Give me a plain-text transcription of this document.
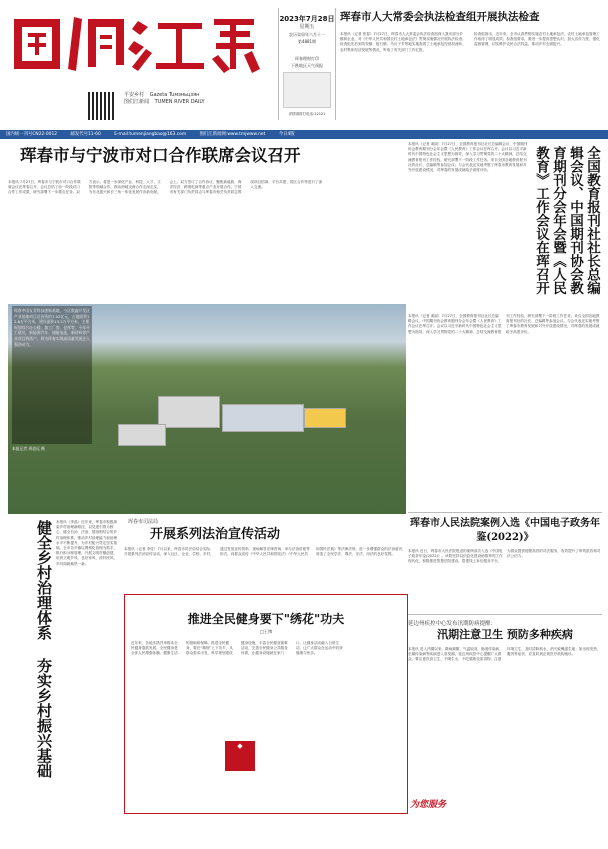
平安乡村 Gazeta Tuмэньцзян
图们江新闻 TUMEN RIVER DAILY
2023年7月28日
星期五
农历癸卯年六月十一
第4881期
珲春理财打印
下跌地区天气预报
详情请拨打电话:12121
珲春市人大常委会执法检查组开展执法检查
本报讯（记者 张春）7月27日，珲春市人大常委会执法检查组深入我市部分乡镇和企业，对《中华人民共和国农村土地承包法》贯彻实施情况开展执法检查。检查组先后到英安镇、板石镇、马川子乡等地实地查看了土地承包经营权流转、农村集体经济发展等情况，听取了有关部门工作汇报。
检查组指出，近年来，全市认真贯彻实施农村土地承包法，农村土地承包管理工作取得了明显成效。检查组要求，要进一步提高思想认识，加大宣传力度，强化监督管理，切实维护农民合法权益，推动乡村全面振兴。
国内统一刊号CN22-0012	邮发代号11-60	E-mail:tumenjiangbao@163.com	图们江新闻网:www.tmjwww.net	今日4版
珲春市与宁波市对口合作联席会议召开
本报讯 7月27日，珲春市与宁波市对口合作联席会议在珲春召开。会议总结了前一阶段对口合作工作成果，研究部署下一步重点任务。双方表示，将进一步深化产业、科技、人才、文旅等领域合作，推动两地交流合作走深走实，为东北振兴和长三角一体化发展作出新贡献。会上，双方签订了合作协议，聚焦新能源、海洋经济、跨境电商等重点产业开展合作。宁波市有关部门负责同志与珲春市相关负责同志围绕项目招商、平台共建、园区合作等进行了深入交流。
珲春中国友青科技创新基地，小区数鑫开发区产业基地项目总投资约7.02亿元，占地面积12.8万平方米，建设面积13.2万平方米，主要规划综合办公楼、加工厂房、仓库等，今年开工建设，新能源汽车、储能电池、新材料等产业项目将落户，将为珲春实现高质量发展注入强劲动力。
本报记者 周思远 摄
本报讯（记者 姜丽）7月27日，全国教育报刊社社长总编辑会议、中国期刊协会教育期刊分会年会暨《人民教育》工作会议在珲召开。会议以习近平新时代中国特色社会主义思想为指导，深入学习贯彻党的二十大精神，总结交流教育报刊工作经验，研究部署下一阶段工作任务。来自全国各地教育报刊社的社长、总编辑等参加会议。与会代表还实地考察了珲春市教育发展和对外开放建设情况，对珲春的发展成就给予高度评价。	全国教育报刊社社长总编辑会议、中国期刊协会教育期刊分会年会暨《人民教育》工作会议在珲召开
本报讯（记者 姜丽）7月27日，全国教育报刊社社长总编辑会议、中国期刊协会教育期刊分会年会暨《人民教育》工作会议在珲召开。会议以习近平新时代中国特色社会主义思想为指导，深入学习贯彻党的二十大精神，总结交流教育报刊工作经验，研究部署下一阶段工作任务。来自全国各地教育报刊社的社长、总编辑等参加会议。与会代表还实地考察了珲春市教育发展和对外开放建设情况，对珲春的发展成就给予高度评价。
健全乡村治理体系 夯实乡村振兴基础 本报讯（李晶）近年来，珲春市积极探索乡村治理新路径，以党建引领为核心，健全自治、法治、德治相结合的乡村治理体系，推动乡村治理能力和治理水平不断提升，为乡村振兴奠定坚实基础。全市各乡镇以网格化管理为抓手，推行积分制管理，开展文明村镇创建，培育文明乡风、良好家风、淳朴民风，乡村面貌焕然一新。
珲春市司法局
开展系列法治宣传活动
本报讯（记者 李佳）7月以来，珲春市司法局结合实际，开展系列法治宣传活动，深入社区、企业、学校、乡村，通过发放宣传资料、现场解答法律咨询、举办法治讲座等形式，向群众宣传《中华人民共和国宪法》《中华人民共和国民法典》等法律法规，进一步增强群众的法治意识，营造了全民学法、尊法、守法、用法的良好氛围。
推进全民健身要下"绣花"功夫
□王博
近年来，各地多措并举推动全民健身蓬勃发展。全民健身是全体人民增强体魄、健康生活的基础和保障。推进全民健身，要在“精细”上下功夫，从群众需求出发，科学规划建设健身设施，丰富全民健身赛事活动，完善全民健身公共服务体系，让健身设施就在家门口，让健身活动融入日常生活，让广大群众在运动中收获健康与快乐。
◆
珲春市人民法院案例入选《中国电子政务年鉴(2022)》
本报讯 近日，珲春市人民法院报送的案例成功入选《中国电子政务年鉴(2022)》。该院坚持以信息化建设助推审判工作现代化，积极推进智慧法院建设，搭建线上诉讼服务平台，为群众提供便捷高效的司法服务，有效提升了审判质效和司法公信力。
延边州疾控中心发布汛期防病提醒：
汛期注意卫生 预防多种疾病
本报讯 进入汛期以来，降雨频繁，气温较高，肠道传染病、虫媒传染病等疾病进入高发期。延边州疾控中心提醒广大群众，要注意饮食卫生，不喝生水，不吃腐败变质食物；注意环境卫生，及时清除积水，消灭蚊蝇滋生地；如出现发热、腹泻等症状，应及时到正规医疗机构就诊。
为您服务
